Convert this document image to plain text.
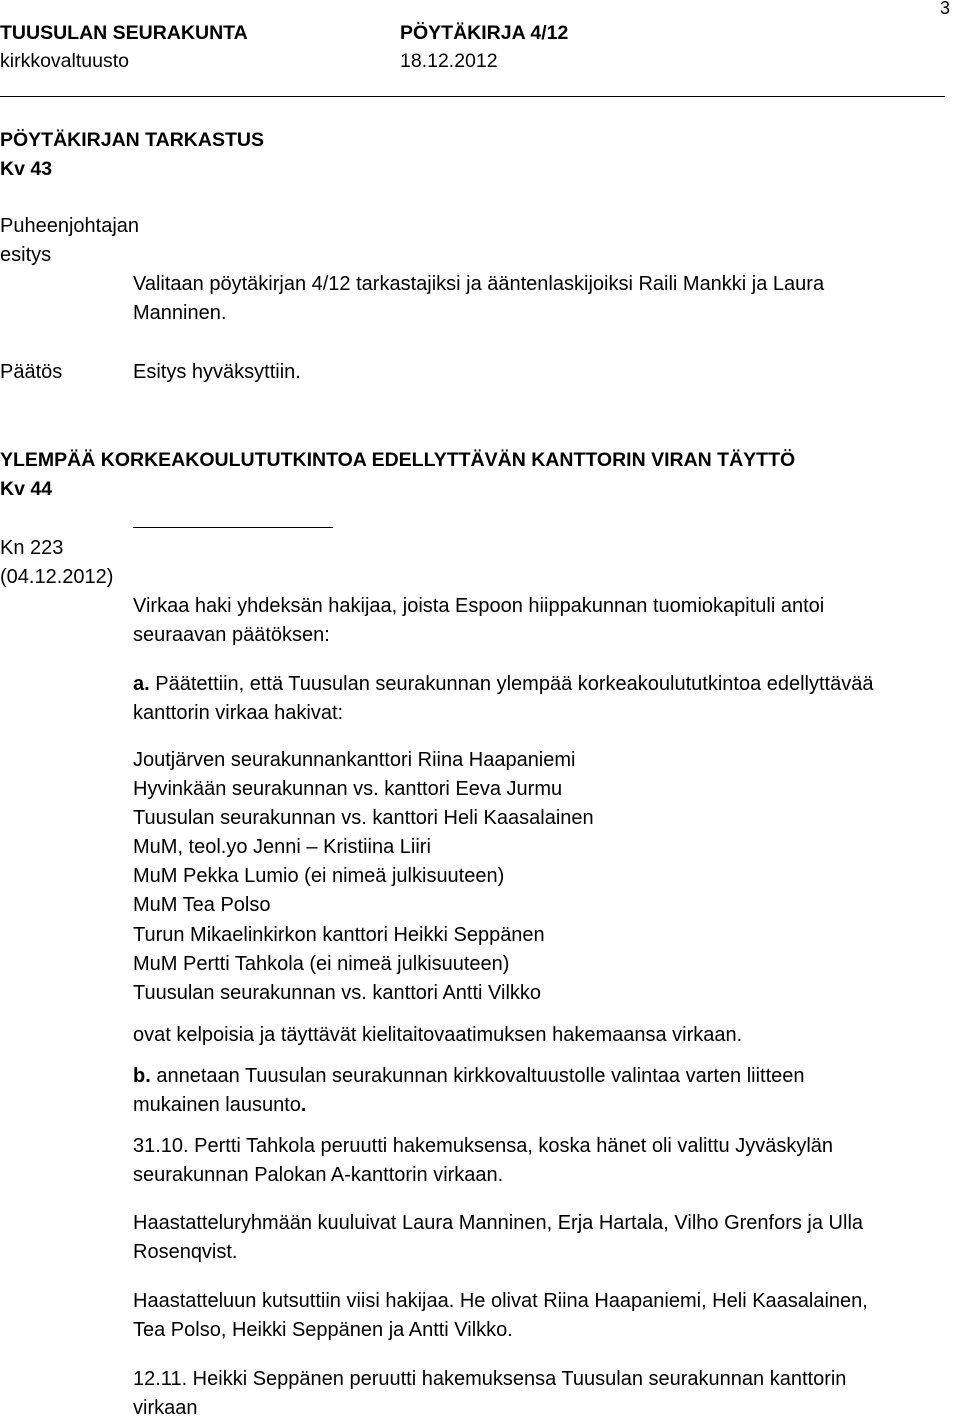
3
TUUSULAN SEURAKUNTA	PÖYTÄKIRJA 4/12
kirkkovaltuusto	18.12.2012
PÖYTÄKIRJAN TARKASTUS
Kv 43
Puheenjohtajan
esitys
Valitaan pöytäkirjan 4/12 tarkastajiksi ja ääntenlaskijoiksi Raili Mankki ja Laura
Manninen.
Päätös	Esitys hyväksyttiin.
YLEMPÄÄ KORKEAKOULUTUTKINTOA EDELLYTTÄVÄN KANTTORIN VIRAN TÄYTTÖ
Kv 44
Kn 223
(04.12.2012)
Virkaa haki yhdeksän hakijaa, joista Espoon hiippakunnan tuomiokapituli antoi
seuraavan päätöksen:
a. Päätettiin, että Tuusulan seurakunnan ylempää korkeakoulututkintoa edellyttävää
kanttorin virkaa hakivat:
Joutjärven seurakunnankanttori Riina Haapaniemi
Hyvinkään seurakunnan vs. kanttori Eeva Jurmu
Tuusulan seurakunnan vs. kanttori Heli Kaasalainen
MuM, teol.yo Jenni – Kristiina Liiri
MuM Pekka Lumio (ei nimeä julkisuuteen)
MuM Tea Polso
Turun Mikaelinkirkon kanttori Heikki Seppänen
MuM Pertti Tahkola (ei nimeä julkisuuteen)
Tuusulan seurakunnan vs. kanttori Antti Vilkko
ovat kelpoisia ja täyttävät kielitaitovaatimuksen hakemaansa virkaan.
b. annetaan Tuusulan seurakunnan kirkkovaltuustolle valintaa varten liitteen
mukainen lausunto.
31.10. Pertti Tahkola peruutti hakemuksensa, koska hänet oli valittu Jyväskylän
seurakunnan Palokan A-kanttorin virkaan.
Haastatteluryhmään kuuluivat Laura Manninen, Erja Hartala, Vilho Grenfors ja Ulla
Rosenqvist.
Haastatteluun kutsuttiin viisi hakijaa. He olivat Riina Haapaniemi, Heli Kaasalainen,
Tea Polso, Heikki Seppänen ja Antti Vilkko.
12.11. Heikki Seppänen peruutti hakemuksensa Tuusulan seurakunnan kanttorin
virkaan
